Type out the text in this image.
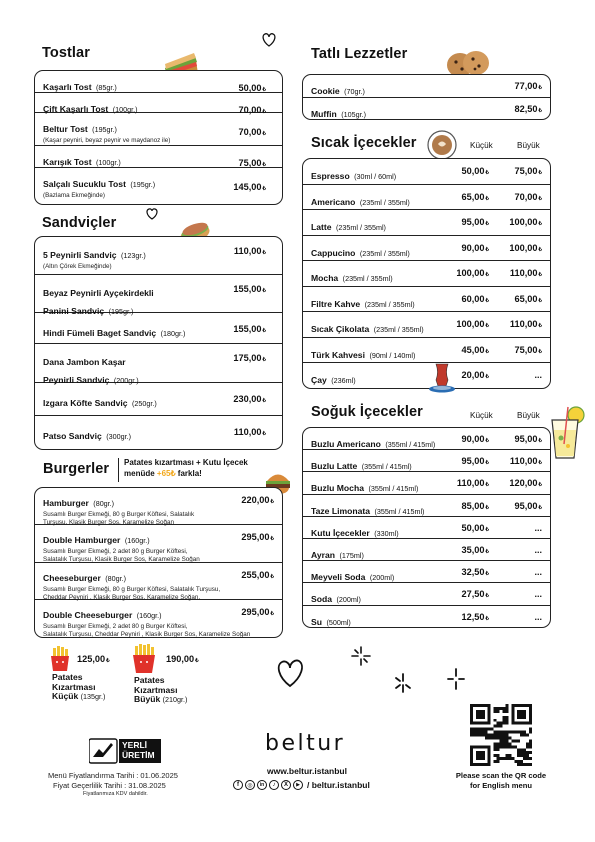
Tostlar
Kaşarlı Tost (85gr.)	50,00₺
Çift Kaşarlı Tost (100gr.)	70,00₺
Beltur Tost (195gr.)
(Kaşar peyniri, beyaz peynir ve maydanoz ile)
70,00₺
Karışık Tost (100gr.)	75,00₺
Salçalı Sucuklu Tost (195gr.)
(Bazlama Ekmeğinde)
145,00₺
Sandviçler
5 Peynirli Sandviç (123gr.)
(Altın Çörek Ekmeğinde)
110,00₺
Beyaz Peynirli Ayçekirdekli
Panini Sandviç (195gr.)
155,00₺
Hindi Fümeli Baget Sandviç (180gr.)	155,00₺
Dana Jambon Kaşar
Peynirli Sandviç (200gr.)
175,00₺
Izgara Köfte Sandviç (250gr.)	230,00₺
Patso Sandviç (300gr.)	110,00₺
Burgerler Patates kızartması + Kutu İçecek
menüde +65₺ farkla!
Hamburger (80gr.)
Susamlı Burger Ekmeği, 80 g Burger Köftesi, Salatalık
Turşusu, Klasik Burger Sos, Karamelize Soğan
220,00₺
Double Hamburger (160gr.)
Susamlı Burger Ekmeği, 2 adet 80 g Burger Köftesi,
Salatalık Turşusu, Klasik Burger Sos, Karamelize Soğan
295,00₺
Cheeseburger (80gr.)
Susamlı Burger Ekmeği, 80 g Burger Köftesi, Salatalık Turşusu,
Cheddar Peyniri , Klasik Burger Sos, Karamelize Soğan,
255,00₺
Double Cheeseburger (160gr.)
Susamlı Burger Ekmeği, 2 adet 80 g Burger Köftesi,
Salatalık Turşusu, Cheddar Peyniri , Klasik Burger Sos, Karamelize Soğan
295,00₺
125,00₺
Patates
Kızartması
Küçük (135gr.)
190,00₺
Patates
Kızartması
Büyük (210gr.)
Tatlı Lezzetler
Cookie (70gr.)
77,00₺
Muffin (105gr.)
82,50₺
Sıcak İçecekler	Küçük	Büyük
Espresso (30ml / 60ml)
50,00₺	75,00₺
Americano (235ml / 355ml)
65,00₺	70,00₺
Latte (235ml / 355ml)
95,00₺ 100,00₺
Cappucino (235ml / 355ml)
90,00₺ 100,00₺
Mocha (235ml / 355ml)
100,00₺ 110,00₺
Filtre Kahve (235ml / 355ml)
60,00₺	65,00₺
Sıcak Çikolata (235ml / 355ml)
100,00₺ 110,00₺
Türk Kahvesi (90ml / 140ml)
45,00₺	75,00₺
Çay (236ml)
20,00₺	...
Soğuk İçecekler	Küçük	Büyük
Buzlu Americano (355ml / 415ml)
90,00₺	95,00₺
Buzlu Latte (355ml / 415ml)
95,00₺ 110,00₺
Buzlu Mocha (355ml / 415ml)
110,00₺ 120,00₺
Taze Limonata (355ml / 415ml)
85,00₺	95,00₺
Kutu İçecekler (330ml)
50,00₺	...
Ayran (175ml)
35,00₺	...
Meyveli Soda (200ml)
32,50₺	...
Soda (200ml)
27,50₺	...
Su (500ml)
12,50₺	...
YERLİ
ÜRETİM
Menü Fiyatlandırma Tarihi : 01.06.2025
Fiyat Geçerlilik Tarihi : 31.08.2025
Fiyatlarımıza KDV dahildir.
beltur
www.beltur.istanbul
f	◎	in	♪	X	▶ / beltur.istanbul
Please scan the QR code
for English menu
